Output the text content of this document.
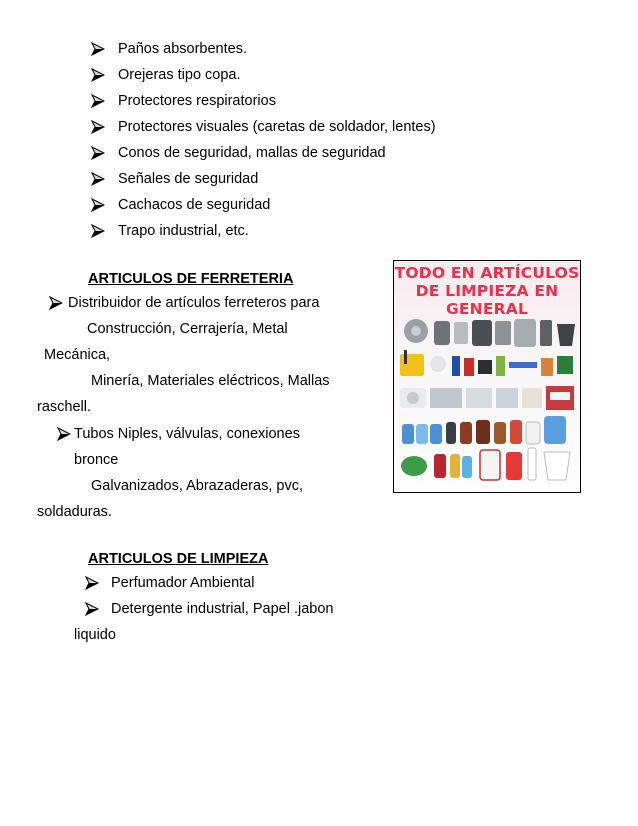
Paños absorbentes.
Orejeras tipo copa.
Protectores respiratorios
Protectores visuales (caretas de soldador, lentes)
Conos de seguridad, mallas de seguridad
Señales de seguridad
Cachacos de seguridad
Trapo industrial, etc.
ARTICULOS DE FERRETERIA
Distribuidor de artículos ferreteros para
Construcción, Cerrajería, Metal
Mecánica,
Minería, Materiales eléctricos, Mallas
raschell.
Tubos Niples, válvulas, conexiones
bronce
Galvanizados, Abrazaderas, pvc,
soldaduras.
ARTICULOS DE LIMPIEZA
Perfumador Ambiental
Detergente industrial, Papel .jabon
liquido
TODO EN ARTÍCULOS
DE LIMPIEZA EN
GENERAL
